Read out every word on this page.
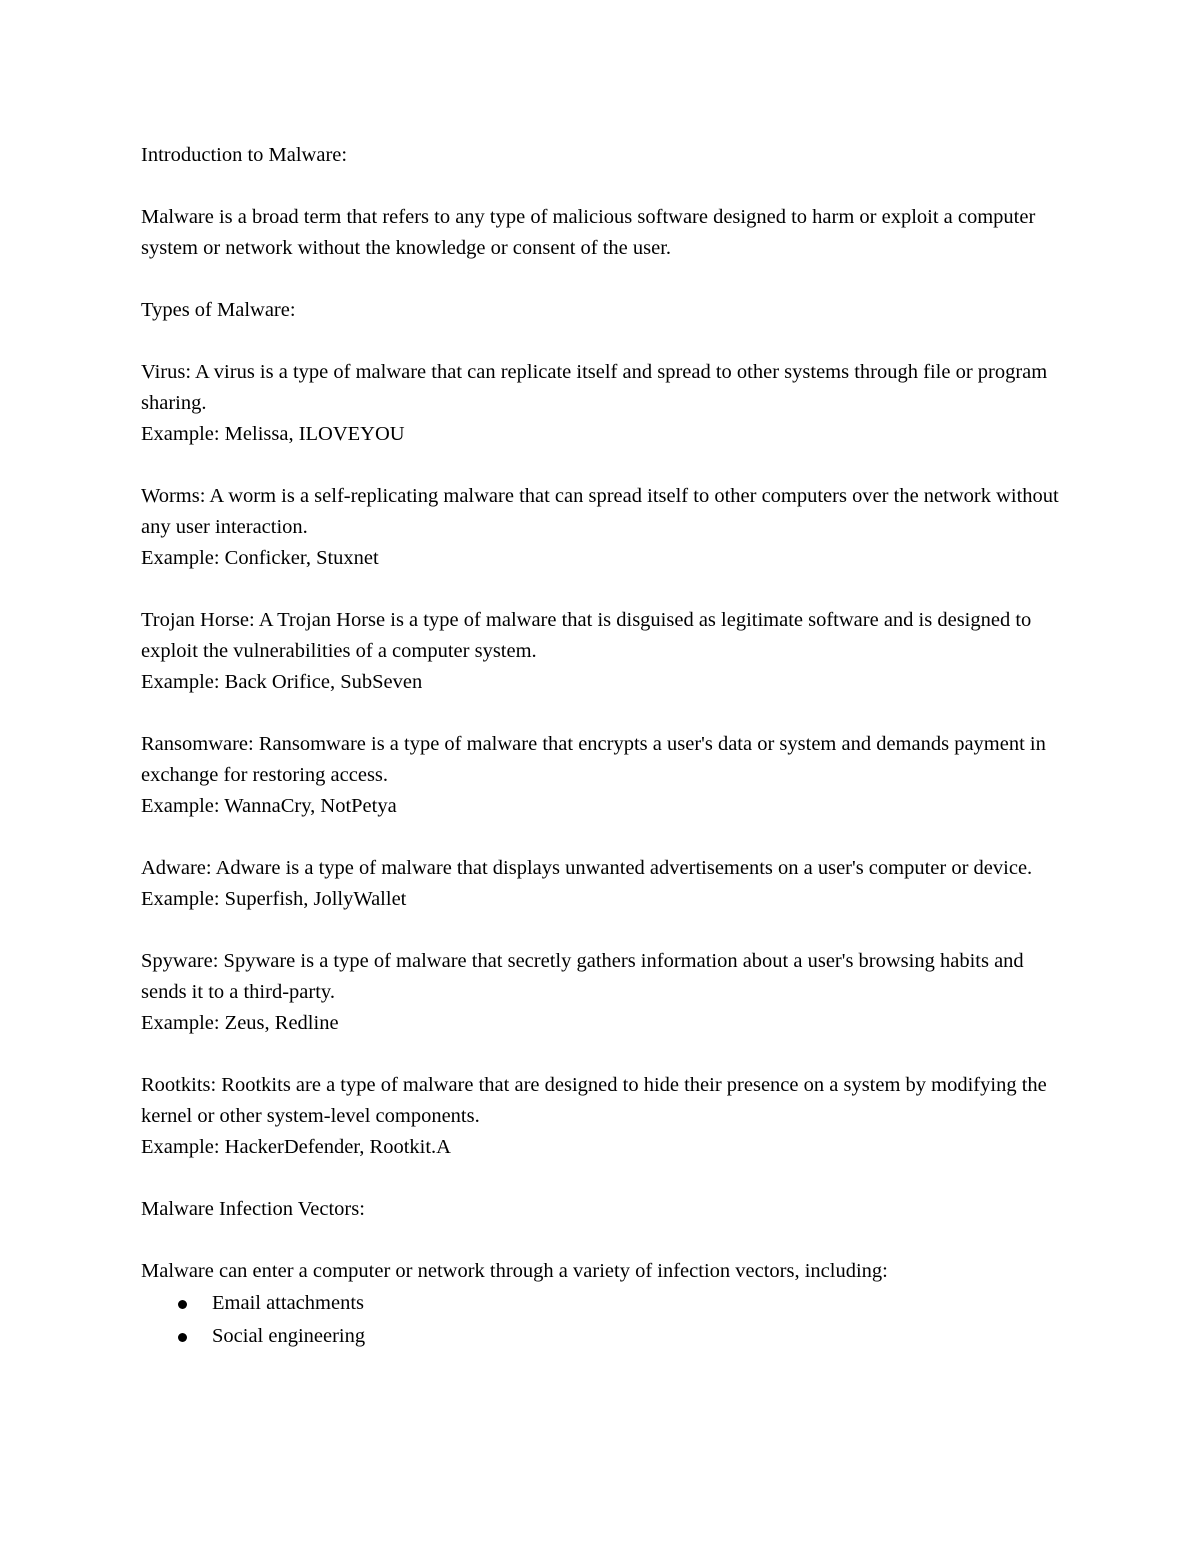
Introduction to Malware:

Malware is a broad term that refers to any type of malicious software designed to harm or exploit a computer system or network without the knowledge or consent of the user.

Types of Malware:

Virus: A virus is a type of malware that can replicate itself and spread to other systems through file or program sharing.
Example: Melissa, ILOVEYOU
Worms: A worm is a self-replicating malware that can spread itself to other computers over the network without any user interaction.
Example: Conficker, Stuxnet
Trojan Horse: A Trojan Horse is a type of malware that is disguised as legitimate software and is designed to exploit the vulnerabilities of a computer system.
Example: Back Orifice, SubSeven
Ransomware: Ransomware is a type of malware that encrypts a user's data or system and demands payment in exchange for restoring access.
Example: WannaCry, NotPetya
Adware: Adware is a type of malware that displays unwanted advertisements on a user's computer or device.
Example: Superfish, JollyWallet
Spyware: Spyware is a type of malware that secretly gathers information about a user's browsing habits and sends it to a third-party.
Example: Zeus, Redline
Rootkits: Rootkits are a type of malware that are designed to hide their presence on a system by modifying the kernel or other system-level components.
Example: HackerDefender, Rootkit.A

Malware Infection Vectors:

Malware can enter a computer or network through a variety of infection vectors, including:

Email attachments
Social engineering
